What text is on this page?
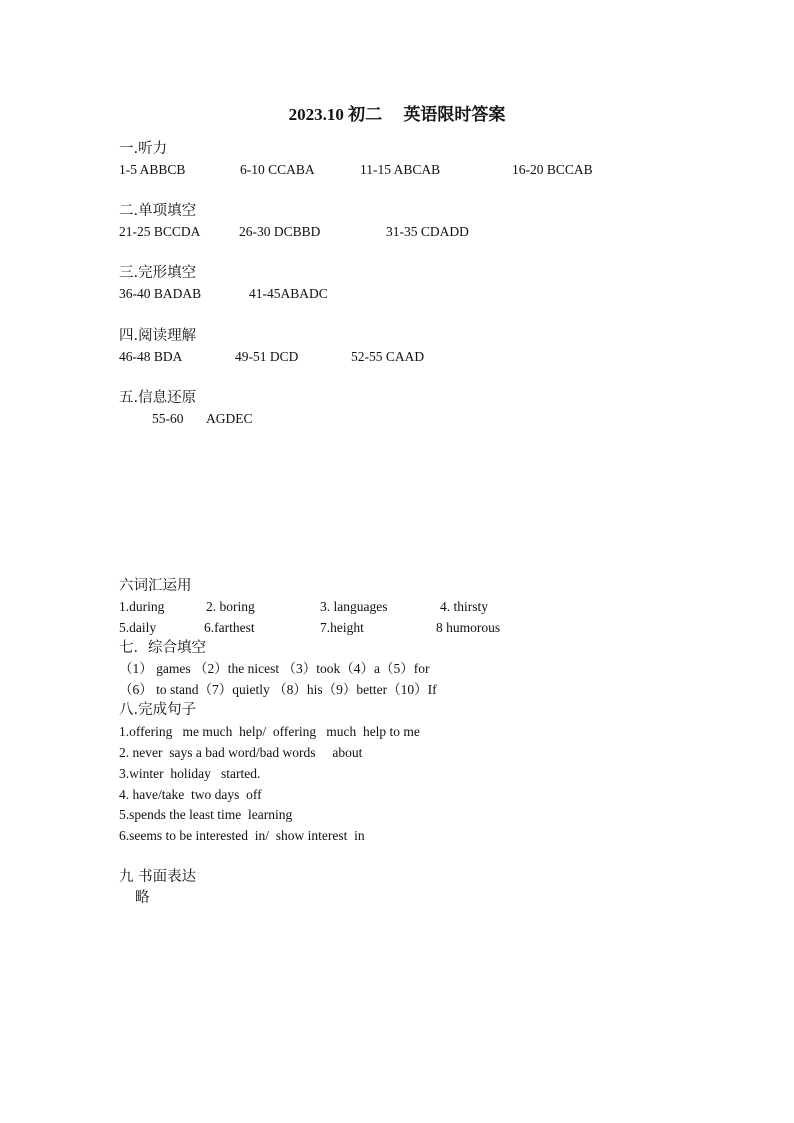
2023.10 初二　 英语限时答案
一.听力
1-5 ABBCB	6-10 CCABA	11-15 ABCAB	16-20 BCCAB
二.单项填空
21-25 BCCDA	26-30 DCBBD	31-35 CDADD
三.完形填空
36-40 BADAB	41-45ABADC
四.阅读理解
46-48 BDA	49-51 DCD	52-55 CAAD
五.信息还原
55-60 AGDEC
六词汇运用
1.during	2. boring	3. languages	4. thirsty
5.daily	6.farthest	7.height	8 humorous
七．综合填空
（1） games （2）the nicest （3）took（4）a（5）for
（6） to stand（7）quietly （8）his（9）better（10）If
八.完成句子
1.offering   me much  help/  offering   much  help to me
2. never  says a bad word/bad words     about
3.winter  holiday   started.
4. have/take  two days  off
5.spends the least time  learning
6.seems to be interested  in/  show interest  in
九 书面表达
略
